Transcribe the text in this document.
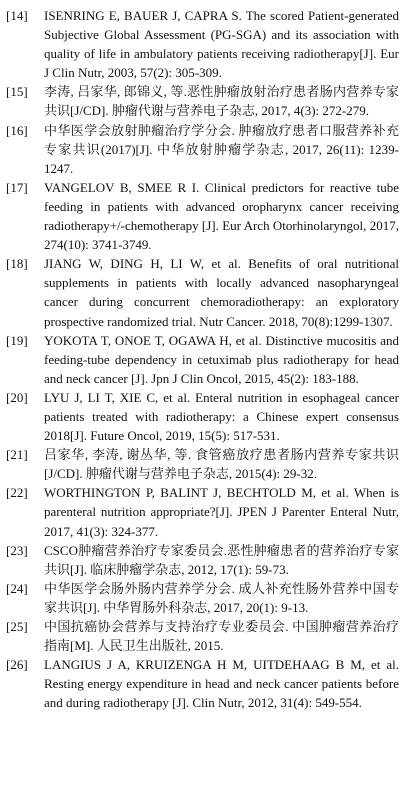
[14]	ISENRING E, BAUER J, CAPRA S. The scored Patient-generated Subjective Global Assessment (PG-SGA) and its association with quality of life in ambulatory patients receiving radiotherapy[J]. Eur J Clin Nutr, 2003, 57(2): 305-309.
[15]	李涛, 吕家华, 郎锦义, 等.恶性肿瘤放射治疗患者肠内营养专家共识[J/CD]. 肿瘤代谢与营养电子杂志, 2017, 4(3): 272-279.
[16]	中华医学会放射肿瘤治疗学分会. 肿瘤放疗患者口服营养补充专家共识(2017)[J]. 中华放射肿瘤学杂志, 2017, 26(11): 1239-1247.
[17]	VANGELOV B, SMEE R I. Clinical predictors for reactive tube feeding in patients with advanced oropharynx cancer receiving radiotherapy+/-chemotherapy [J]. Eur Arch Otorhinolaryngol, 2017, 274(10): 3741-3749.
[18]	JIANG W, DING H, LI W, et al. Benefits of oral nutritional supplements in patients with locally advanced nasopharyngeal cancer during concurrent chemoradiotherapy: an exploratory prospective randomized trial. Nutr Cancer. 2018, 70(8):1299-1307.
[19]	YOKOTA T, ONOE T, OGAWA H, et al. Distinctive mucositis and feeding-tube dependency in cetuximab plus radiotherapy for head and neck cancer [J]. Jpn J Clin Oncol, 2015, 45(2): 183-188.
[20]	LYU J, LI T, XIE C, et al. Enteral nutrition in esophageal cancer patients treated with radiotherapy: a Chinese expert consensus 2018[J]. Future Oncol, 2019, 15(5): 517-531.
[21]	吕家华, 李涛, 谢丛华, 等. 食管癌放疗患者肠内营养专家共识[J/CD]. 肿瘤代谢与营养电子杂志, 2015(4): 29-32.
[22]	WORTHINGTON P, BALINT J, BECHTOLD M, et al. When is parenteral nutrition appropriate?[J]. JPEN J Parenter Enteral Nutr, 2017, 41(3): 324-377.
[23]	CSCO肿瘤营养治疗专家委员会.恶性肿瘤患者的营养治疗专家共识[J]. 临床肿瘤学杂志, 2012, 17(1): 59-73.
[24]	中华医学会肠外肠内营养学分会. 成人补充性肠外营养中国专家共识[J]. 中华胃肠外科杂志, 2017, 20(1): 9-13.
[25]	中国抗癌协会营养与支持治疗专业委员会. 中国肿瘤营养治疗指南[M]. 人民卫生出版社, 2015.
[26]	LANGIUS J A, KRUIZENGA H M, UITDEHAAG B M, et al. Resting energy expenditure in head and neck cancer patients before and during radiotherapy [J]. Clin Nutr, 2012, 31(4): 549-554.
